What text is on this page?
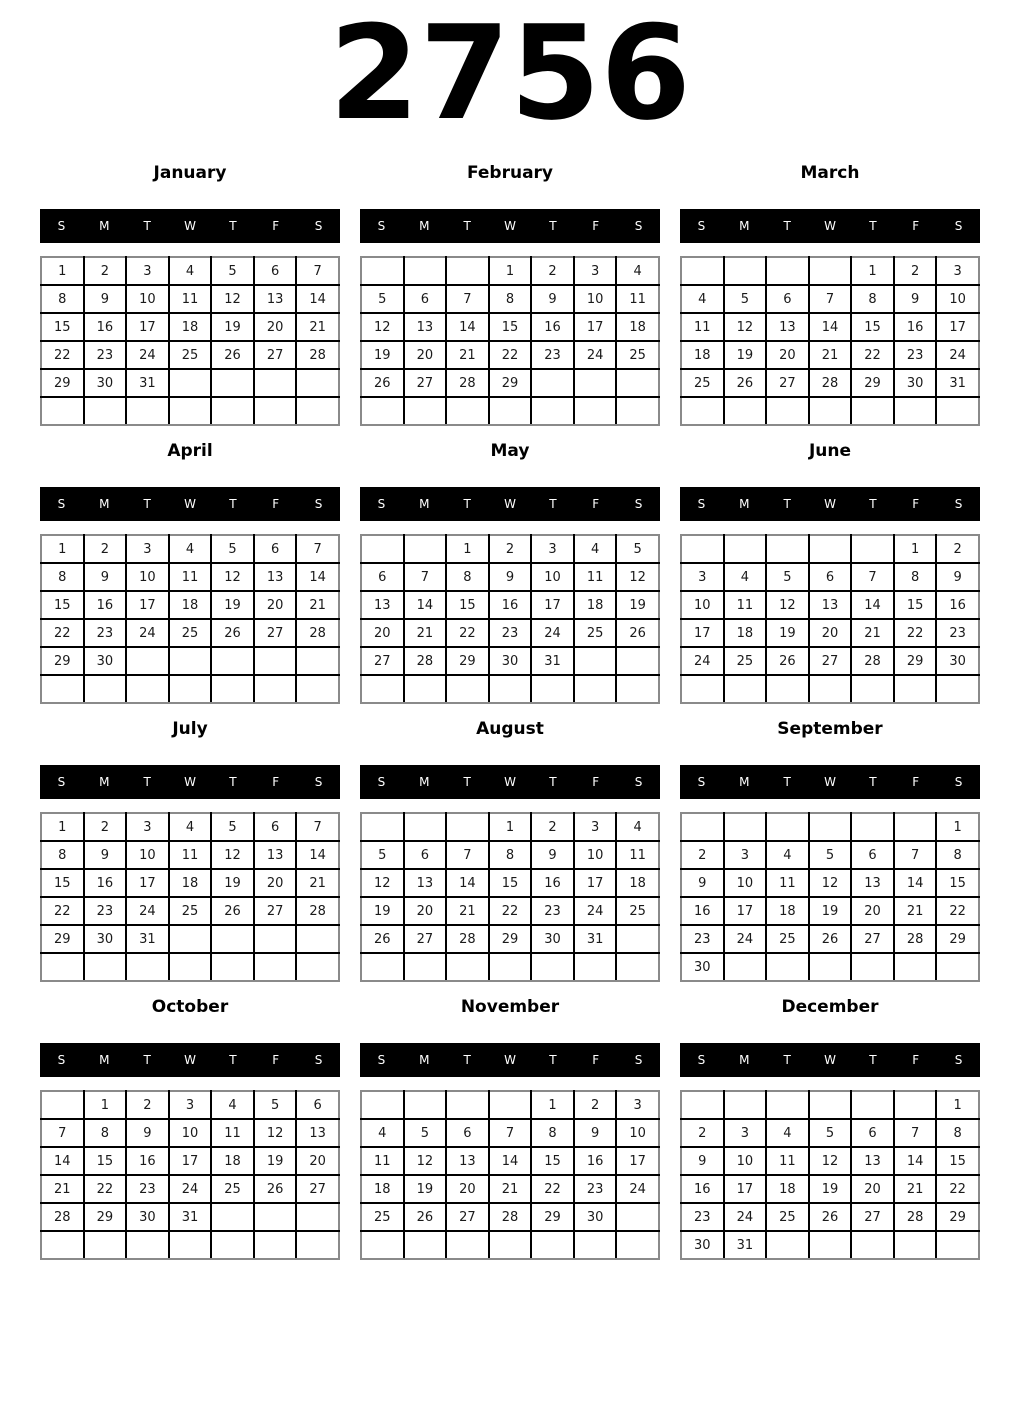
2756
January
S	M	T	W	T	F	S
1	2	3	4	5	6	7
8	9	10	11	12	13	14
15	16	17	18	19	20	21
22	23	24	25	26	27	28
29	30	31				

February
S	M	T	W	T	F	S
			1	2	3	4
5	6	7	8	9	10	11
12	13	14	15	16	17	18
19	20	21	22	23	24	25
26	27	28	29			

March
S	M	T	W	T	F	S
				1	2	3
4	5	6	7	8	9	10
11	12	13	14	15	16	17
18	19	20	21	22	23	24
25	26	27	28	29	30	31

April
S	M	T	W	T	F	S
1	2	3	4	5	6	7
8	9	10	11	12	13	14
15	16	17	18	19	20	21
22	23	24	25	26	27	28
29	30					

May
S	M	T	W	T	F	S
		1	2	3	4	5
6	7	8	9	10	11	12
13	14	15	16	17	18	19
20	21	22	23	24	25	26
27	28	29	30	31		

June
S	M	T	W	T	F	S
					1	2
3	4	5	6	7	8	9
10	11	12	13	14	15	16
17	18	19	20	21	22	23
24	25	26	27	28	29	30

July
S	M	T	W	T	F	S
1	2	3	4	5	6	7
8	9	10	11	12	13	14
15	16	17	18	19	20	21
22	23	24	25	26	27	28
29	30	31				

August
S	M	T	W	T	F	S
			1	2	3	4
5	6	7	8	9	10	11
12	13	14	15	16	17	18
19	20	21	22	23	24	25
26	27	28	29	30	31	

September
S	M	T	W	T	F	S
						1
2	3	4	5	6	7	8
9	10	11	12	13	14	15
16	17	18	19	20	21	22
23	24	25	26	27	28	29
30						
October
S	M	T	W	T	F	S
	1	2	3	4	5	6
7	8	9	10	11	12	13
14	15	16	17	18	19	20
21	22	23	24	25	26	27
28	29	30	31			

November
S	M	T	W	T	F	S
				1	2	3
4	5	6	7	8	9	10
11	12	13	14	15	16	17
18	19	20	21	22	23	24
25	26	27	28	29	30	

December
S	M	T	W	T	F	S
						1
2	3	4	5	6	7	8
9	10	11	12	13	14	15
16	17	18	19	20	21	22
23	24	25	26	27	28	29
30	31					
